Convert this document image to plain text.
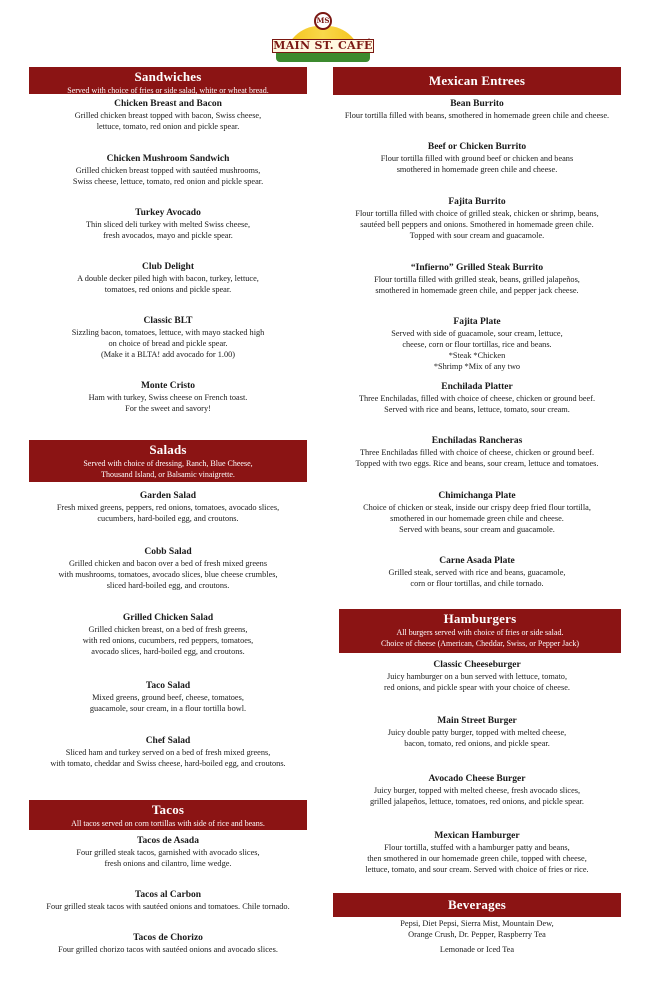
MS
MAIN ST. CAFÉ
Sandwiches
Served with choice of fries or side salad, white or wheat bread.
Chicken Breast and Bacon
Grilled chicken breast topped with bacon, Swiss cheese,
lettuce, tomato, red onion and pickle spear.
Chicken Mushroom Sandwich
Grilled chicken breast topped with sautéed mushrooms,
Swiss cheese, lettuce, tomato, red onion and pickle spear.
Turkey Avocado
Thin sliced deli turkey with melted Swiss cheese,
fresh avocados, mayo and pickle spear.
Club Delight
A double decker piled high with bacon, turkey, lettuce,
tomatoes, red onions and pickle spear.
Classic BLT
Sizzling bacon, tomatoes, lettuce, with mayo stacked high
on choice of bread and pickle spear.
(Make it a BLTA! add avocado for 1.00)
Monte Cristo
Ham with turkey, Swiss cheese on French toast.
For the sweet and savory!
Salads
Served with choice of dressing, Ranch, Blue Cheese,
Thousand Island, or Balsamic vinaigrette.
Garden Salad
Fresh mixed greens, peppers, red onions, tomatoes, avocado slices,
cucumbers, hard-boiled egg, and croutons.
Cobb Salad
Grilled chicken and bacon over a bed of fresh mixed greens
with mushrooms, tomatoes, avocado slices, blue cheese crumbles,
sliced hard-boiled egg, and croutons.
Grilled Chicken Salad
Grilled chicken breast, on a bed of fresh greens,
with red onions, cucumbers, red peppers, tomatoes,
avocado slices, hard-boiled egg, and croutons.
Taco Salad
Mixed greens, ground beef, cheese, tomatoes,
guacamole, sour cream, in a flour tortilla bowl.
Chef Salad
Sliced ham and turkey served on a bed of fresh mixed greens,
with tomato, cheddar and Swiss cheese, hard-boiled egg, and croutons.
Tacos
All tacos served on corn tortillas with side of rice and beans.
Tacos de Asada
Four grilled steak tacos, garnished with avocado slices,
fresh onions and cilantro, lime wedge.
Tacos al Carbon
Four grilled steak tacos with sautéed onions and tomatoes. Chile tornado.
Tacos de Chorizo
Four grilled chorizo tacos with sautéed onions and avocado slices.
Mexican Entrees
Bean Burrito
Flour tortilla filled with beans, smothered in homemade green chile and cheese.
Beef or Chicken Burrito
Flour tortilla filled with ground beef or chicken and beans
smothered in homemade green chile and cheese.
Fajita Burrito
Flour tortilla filled with choice of grilled steak, chicken or shrimp, beans,
sautéed bell peppers and onions. Smothered in homemade green chile.
Topped with sour cream and guacamole.
“Infierno” Grilled Steak Burrito
Flour tortilla filled with grilled steak, beans, grilled jalapeños,
smothered in homemade green chile, and pepper jack cheese.
Fajita Plate
Served with side of guacamole, sour cream, lettuce,
cheese, corn or flour tortillas, rice and beans.
*Steak *Chicken
*Shrimp *Mix of any two
Enchilada Platter
Three Enchiladas, filled with choice of cheese, chicken or ground beef.
Served with rice and beans, lettuce, tomato, sour cream.
Enchiladas Rancheras
Three Enchiladas filled with choice of cheese, chicken or ground beef.
Topped with two eggs. Rice and beans, sour cream, lettuce and tomatoes.
Chimichanga Plate
Choice of chicken or steak, inside our crispy deep fried flour tortilla,
smothered in our homemade green chile and cheese.
Served with beans, sour cream and guacamole.
Carne Asada Plate
Grilled steak, served with rice and beans, guacamole,
corn or flour tortillas, and chile tornado.
Hamburgers
All burgers served with choice of fries or side salad.
Choice of cheese (American, Cheddar, Swiss, or Pepper Jack)
Classic Cheeseburger
Juicy hamburger on a bun served with lettuce, tomato,
red onions, and pickle spear with your choice of cheese.
Main Street Burger
Juicy double patty burger, topped with melted cheese,
bacon, tomato, red onions, and pickle spear.
Avocado Cheese Burger
Juicy burger, topped with melted cheese, fresh avocado slices,
grilled jalapeños, lettuce, tomatoes, red onions, and pickle spear.
Mexican Hamburger
Flour tortilla, stuffed with a hamburger patty and beans,
then smothered in our homemade green chile, topped with cheese,
lettuce, tomato, and sour cream. Served with choice of fries or rice.
Beverages
Pepsi, Diet Pepsi, Sierra Mist, Mountain Dew,
Orange Crush, Dr. Pepper, Raspberry Tea
Lemonade or Iced Tea
